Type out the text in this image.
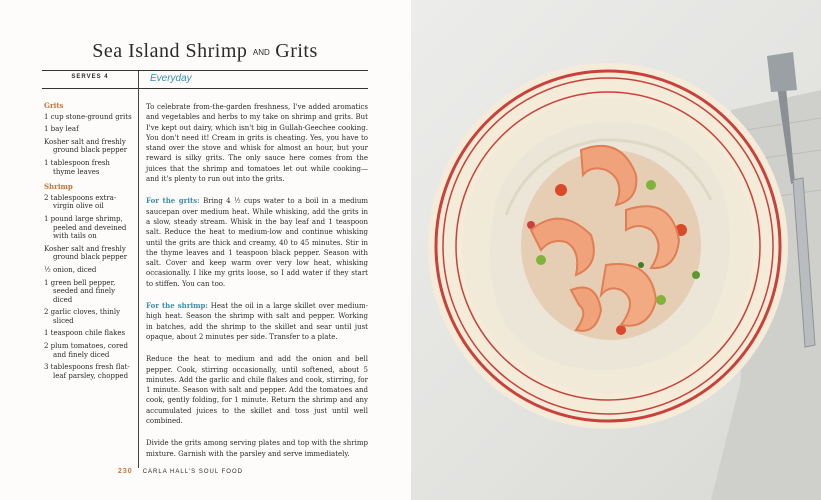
Sea Island Shrimp AND Grits
SERVES 4	Everyday
Grits
1 cup stone-ground grits
1 bay leaf
Kosher salt and freshly ground black pepper
1 tablespoon fresh thyme leaves
Shrimp
2 tablespoons extra-virgin olive oil
1 pound large shrimp, peeled and deveined with tails on
Kosher salt and freshly ground black pepper
½ onion, diced
1 green bell pepper, seeded and finely diced
2 garlic cloves, thinly sliced
1 teaspoon chile flakes
2 plum tomatoes, cored and finely diced
3 tablespoons fresh flat-leaf parsley, chopped

To celebrate from-the-garden freshness, I've added aromatics and vegetables and herbs to my take on shrimp and grits. But I've kept out dairy, which isn't big in Gullah-Geechee cooking. You don't need it! Cream in grits is cheating. Yes, you have to stand over the stove and whisk for almost an hour, but your reward is silky grits. The only sauce here comes from the juices that the shrimp and tomatoes let out while cooking—and it's plenty to run out into the grits.

For the grits: Bring 4 ½ cups water to a boil in a medium saucepan over medium heat. While whisking, add the grits in a slow, steady stream. Whisk in the bay leaf and 1 teaspoon salt. Reduce the heat to medium-low and continue whisking until the grits are thick and creamy, 40 to 45 minutes. Stir in the thyme leaves and 1 teaspoon black pepper. Season with salt. Cover and keep warm over very low heat, whisking occasionally. I like my grits loose, so I add water if they start to stiffen. You can too.

For the shrimp: Heat the oil in a large skillet over medium-high heat. Season the shrimp with salt and pepper. Working in batches, add the shrimp to the skillet and sear until just opaque, about 2 minutes per side. Transfer to a plate.

Reduce the heat to medium and add the onion and bell pepper. Cook, stirring occasionally, until softened, about 5 minutes. Add the garlic and chile flakes and cook, stirring, for 1 minute. Season with salt and pepper. Add the tomatoes and cook, gently folding, for 1 minute. Return the shrimp and any accumulated juices to the skillet and toss just until well combined.

Divide the grits among serving plates and top with the shrimp mixture. Garnish with the parsley and serve immediately.

230 CARLA HALL'S SOUL FOOD
